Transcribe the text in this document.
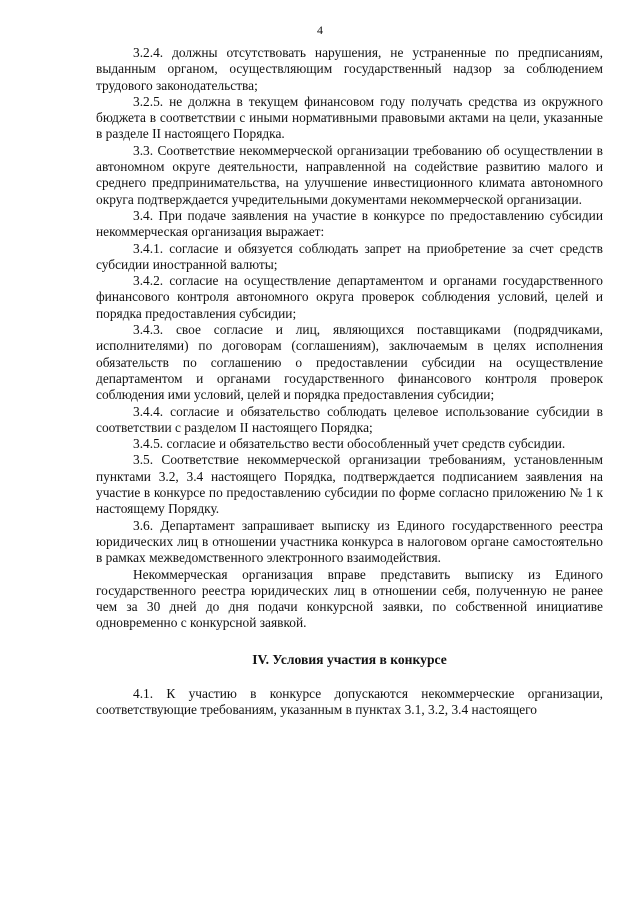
4

3.2.4. должны отсутствовать нарушения, не устраненные по предписаниям, выданным органом, осуществляющим государственный надзор за соблюдением трудового законодательства;

3.2.5. не должна в текущем финансовом году получать средства из окружного бюджета в соответствии с иными нормативными правовыми актами на цели, указанные в разделе II настоящего Порядка.

3.3. Соответствие некоммерческой организации требованию об осуществлении в автономном округе деятельности, направленной на содействие развитию малого и среднего предпринимательства, на улучшение инвестиционного климата автономного округа подтверждается учредительными документами некоммерческой организации.

3.4. При подаче заявления на участие в конкурсе по предоставлению субсидии некоммерческая организация выражает:

3.4.1. согласие и обязуется соблюдать запрет на приобретение за счет средств субсидии иностранной валюты;

3.4.2. согласие на осуществление департаментом и органами государственного финансового контроля автономного округа проверок соблюдения условий, целей и порядка предоставления субсидии;

3.4.3. свое согласие и лиц, являющихся поставщиками (подрядчиками, исполнителями) по договорам (соглашениям), заключаемым в целях исполнения обязательств по соглашению о предоставлении субсидии на осуществление департаментом и органами государственного финансового контроля проверок соблюдения ими условий, целей и порядка предоставления субсидии;

3.4.4. согласие и обязательство соблюдать целевое использование субсидии в соответствии с разделом II настоящего Порядка;

3.4.5. согласие и обязательство вести обособленный учет средств субсидии.

3.5. Соответствие некоммерческой организации требованиям, установленным пунктами 3.2, 3.4 настоящего Порядка, подтверждается подписанием заявления на участие в конкурсе по предоставлению субсидии по форме согласно приложению № 1 к настоящему Порядку.

3.6. Департамент запрашивает выписку из Единого государственного реестра юридических лиц в отношении участника конкурса в налоговом органе самостоятельно в рамках межведомственного электронного взаимодействия.

Некоммерческая организация вправе представить выписку из Единого государственного реестра юридических лиц в отношении себя, полученную не ранее чем за 30 дней до дня подачи конкурсной заявки, по собственной инициативе одновременно с конкурсной заявкой.

IV. Условия участия в конкурсе

4.1. К участию в конкурсе допускаются некоммерческие организации, соответствующие требованиям, указанным в пунктах 3.1, 3.2, 3.4 настоящего
